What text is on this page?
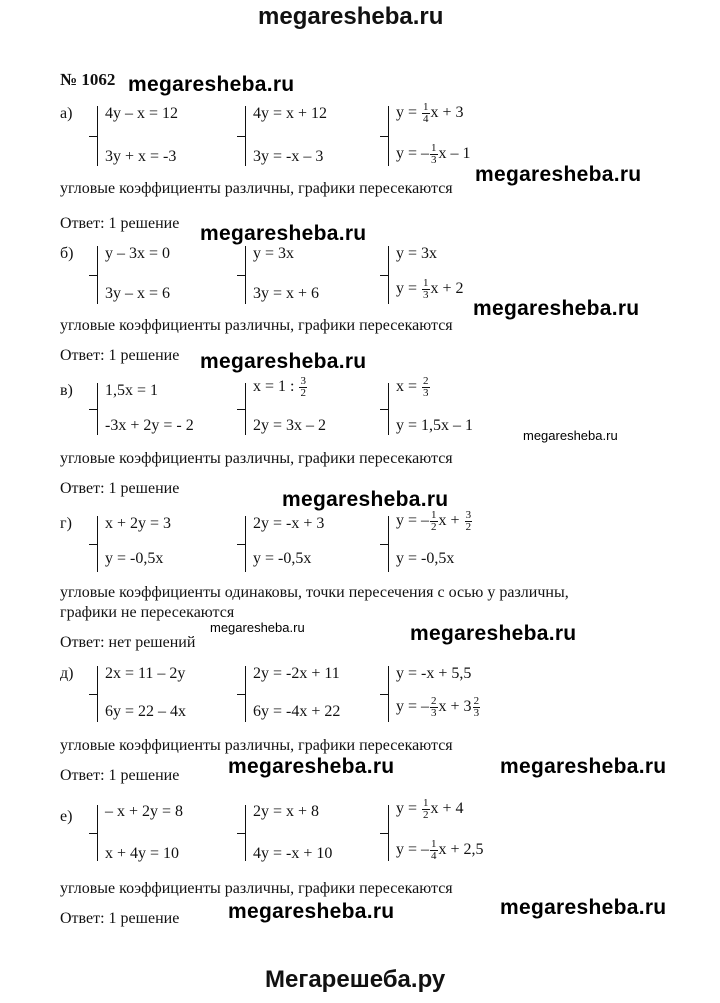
megaresheba.ru
№ 1062 megaresheba.ru
megaresheba.ru
megaresheba.ru
megaresheba.ru
megaresheba.ru
megaresheba.ru
megaresheba.ru
megaresheba.ru	megaresheba.ru
megaresheba.ru	megaresheba.ru
megaresheba.ru	megaresheba.ru
а) 4y – x = 12
3y + x = -3
4y = x + 12
3y = -x – 3
$y = \frac{1}{4}$ x + 3
y = – $\frac{1}{3}$ x – 1
угловые коэффициенты различны, графики пересекаются
Ответ: 1 решение
б) y – 3x = 0
3y – x = 6
y = 3x
3y = x + 6
y = 3x
$y = \frac{1}{3}$ x + 2
угловые коэффициенты различны, графики пересекаются
Ответ: 1 решение
в) 1,5x = 1
-3x + 2y = - 2
x = 1 : $\frac{3}{2}$
2y = 3x – 2
$x = \frac{2}{3}$
y = 1,5x – 1
угловые коэффициенты различны, графики пересекаются
Ответ: 1 решение
г) x + 2y = 3
y = -0,5x
2y = -x + 3
y = -0,5x
y = – $\frac{1}{2}$ $x + \frac{3}{2}$
y = -0,5x
угловые коэффициенты одинаковы, точки пересечения с осью y различны,
графики не пересекаются
Ответ: нет решений
д) 2x = 11 – 2y
6y = 22 – 4x
2y = -2x + 11
6y = -4x + 22
y = -x + 5,5
y = – $\frac{2}{3}$ $x + 3 \frac{2}{3}$
угловые коэффициенты различны, графики пересекаются
Ответ: 1 решение
е) – x + 2y = 8
x + 4y = 10
2y = x + 8
4y = -x + 10
$y = \frac{1}{2}$ x + 4
y = – $\frac{1}{4}$ x + 2,5
угловые коэффициенты различны, графики пересекаются
Ответ: 1 решение
Мегарешеба.ру
